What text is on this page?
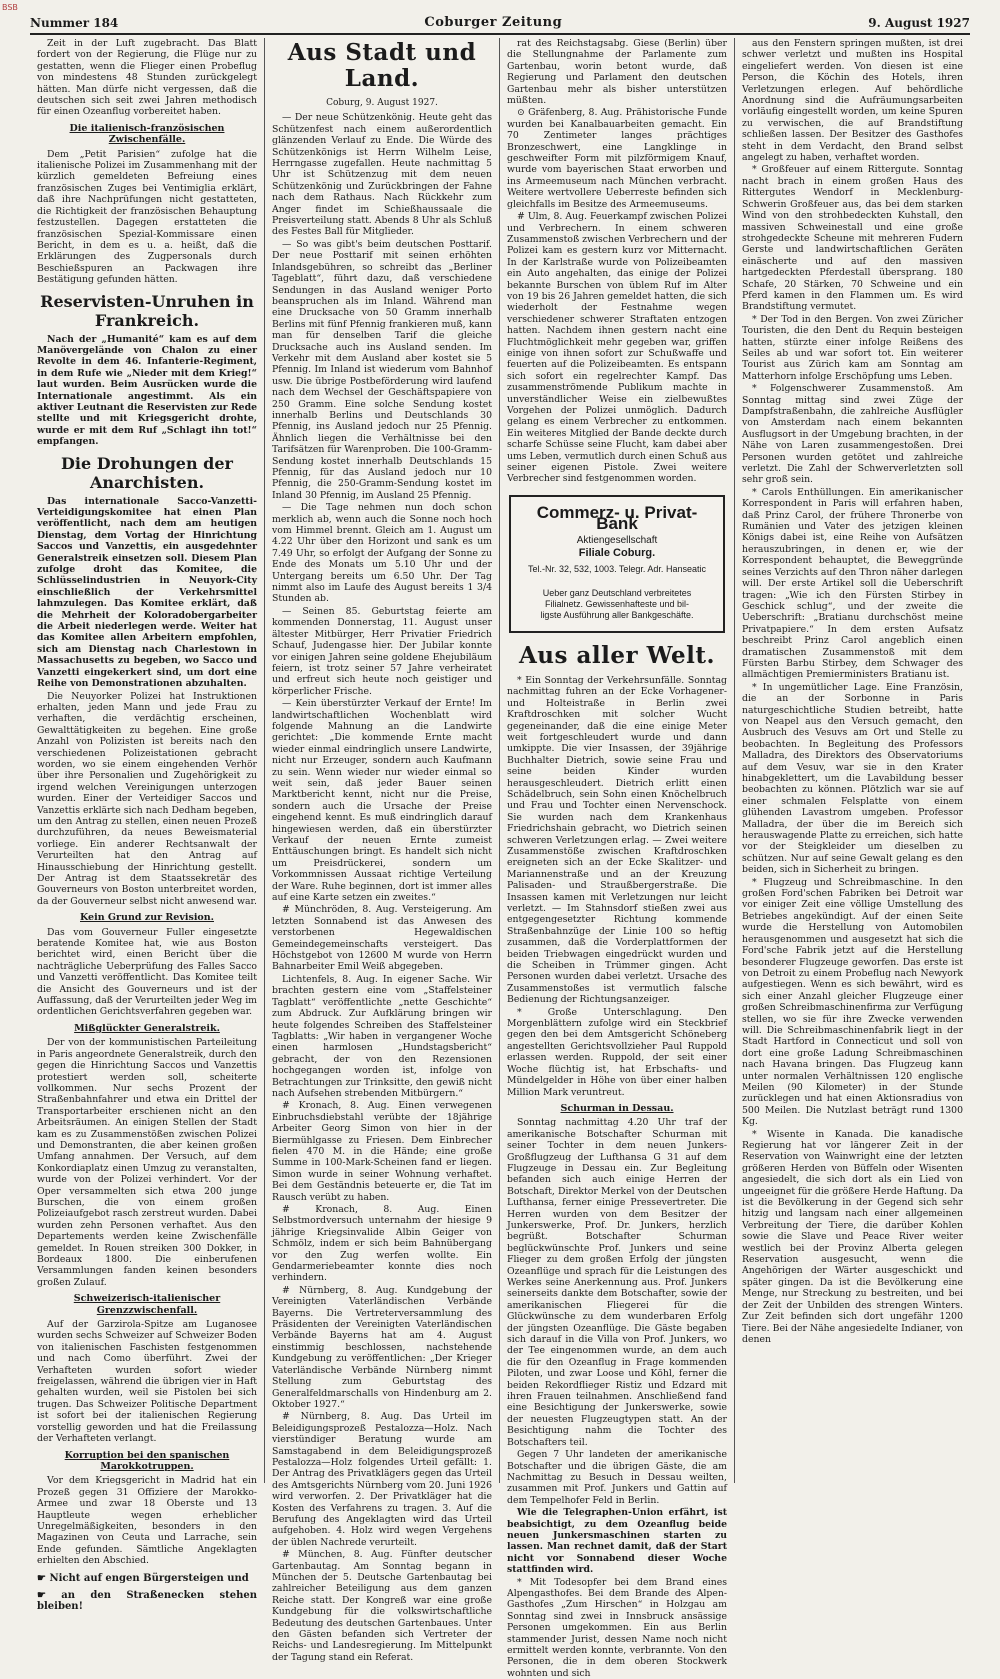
BSB
Nummer 184	Coburger Zeitung	9. August 1927

Zeit in der Luft zugebracht. Das Blatt fordert von der Regierung, die Flüge nur zu gestatten, wenn die Flieger einen Probeflug von mindestens 48 Stunden zurückgelegt hätten. Man dürfe nicht vergessen, daß die deutschen sich seit zwei Jahren methodisch für einen Ozeanflug vorbereitet haben.

Die italienisch-französischen Zwischenfälle.

Dem „Petit Parisien“ zufolge hat die italienische Polizei im Zusammenhang mit der kürzlich gemeldeten Befreiung eines französischen Zuges bei Ventimiglia erklärt, daß ihre Nachprüfungen nicht gestatteten, die Richtigkeit der französischen Behauptung festzustellen. Dagegen erstatteten die französischen Spezial-Kommissare einen Bericht, in dem es u. a. heißt, daß die Erklärungen des Zugpersonals durch Beschießspuren an Packwagen ihre Bestätigung gefunden hätten.

Reservisten-Unruhen in Frankreich.

Nach der „Humanité“ kam es auf dem Manövergelände von Chalon zu einer Revolte in dem 46. Infanterie-Regiment, in dem Rufe wie „Nieder mit dem Krieg!“ laut wurden. Beim Ausrücken wurde die Internationale angestimmt. Als ein aktiver Leutnant die Reservisten zur Rede stellte und mit Kriegsgericht drohte, wurde er mit dem Ruf „Schlagt ihn tot!“ empfangen.

Die Drohungen der Anarchisten.

Das internationale Sacco-Vanzetti-Verteidigungskomitee hat einen Plan veröffentlicht, nach dem am heutigen Dienstag, dem Vortag der Hinrichtung Saccos und Vanzettis, ein ausgedehnter Generalstreik einsetzen soll. Diesem Plan zufolge droht das Komitee, die Schlüsselindustrien in Neuyork-City einschließlich der Verkehrsmittel lahmzulegen. Das Komitee erklärt, daß die Mehrheit der Koloradobergarbeiter die Arbeit niederlegen werde. Weiter hat das Komitee allen Arbeitern empfohlen, sich am Dienstag nach Charlestown in Massachusetts zu begeben, wo Sacco und Vanzetti eingekerkert sind, um dort eine Reihe von Demonstrationen abzuhalten.

Die Neuyorker Polizei hat Instruktionen erhalten, jeden Mann und jede Frau zu verhaften, die verdächtig erscheinen, Gewalttätigkeiten zu begehen. Eine große Anzahl von Polizisten ist bereits nach den verschiedenen Polizeistationen gebracht worden, wo sie einem eingehenden Verhör über ihre Personalien und Zugehörigkeit zu irgend welchen Vereinigungen unterzogen wurden. Einer der Verteidiger Saccos und Vanzettis erklärte sich nach Dedham begeben, um den Antrag zu stellen, einen neuen Prozeß durchzuführen, da neues Beweismaterial vorliege. Ein anderer Rechtsanwalt der Verurteilten hat den Antrag auf Hinausschiebung der Hinrichtung gestellt. Der Antrag ist dem Staatssekretär des Gouverneurs von Boston unterbreitet worden, da der Gouverneur selbst nicht anwesend war.

Kein Grund zur Revision.

Das vom Gouverneur Fuller eingesetzte beratende Komitee hat, wie aus Boston berichtet wird, einen Bericht über die nachträgliche Ueberprüfung des Falles Sacco und Vanzetti veröffentlicht. Das Komitee teilt die Ansicht des Gouverneurs und ist der Auffassung, daß der Verurteilten jeder Weg im ordentlichen Gerichtsverfahren gegeben war.

Mißglückter Generalstreik.

Der von der kommunistischen Parteileitung in Paris angeordnete Generalstreik, durch den gegen die Hinrichtung Saccos und Vanzettis protestiert werden soll, scheiterte vollkommen. Nur sechs Prozent der Straßenbahnfahrer und etwa ein Drittel der Transportarbeiter erschienen nicht an den Arbeitsräumen. An einigen Stellen der Stadt kam es zu Zusammenstößen zwischen Polizei und Demonstranten, die aber keinen großen Umfang annahmen. Der Versuch, auf dem Konkordiaplatz einen Umzug zu veranstalten, wurde von der Polizei verhindert. Vor der Oper versammelten sich etwa 200 junge Burschen, die von einem großen Polizeiaufgebot rasch zerstreut wurden. Dabei wurden zehn Personen verhaftet. Aus den Departements werden keine Zwischenfälle gemeldet. In Rouen streiken 300 Dokker, in Bordeaux 1800. Die einberufenen Versammlungen fanden keinen besonders großen Zulauf.

Schweizerisch-italienischer Grenzzwischenfall.

Auf der Garzirola-Spitze am Luganosee wurden sechs Schweizer auf Schweizer Boden von italienischen Faschisten festgenommen und nach Como überführt. Zwei der Verhafteten wurden sofort wieder freigelassen, während die übrigen vier in Haft gehalten wurden, weil sie Pistolen bei sich trugen. Das Schweizer Politische Department ist sofort bei der italienischen Regierung vorstellig geworden und hat die Freilassung der Verhafteten verlangt.

Korruption bei den spanischen Marokkotruppen.

Vor dem Kriegsgericht in Madrid hat ein Prozeß gegen 31 Offiziere der Marokko-Armee und zwar 18 Oberste und 13 Hauptleute wegen erheblicher Unregelmäßigkeiten, besonders in den Magazinen von Ceuta und Larrache, sein Ende gefunden. Sämtliche Angeklagten erhielten den Abschied.

☛ Nicht auf engen Bürgersteigen und
☛ an den Straßenecken stehen bleiben!
Aus Stadt und Land.
Coburg, 9. August 1927.

— Der neue Schützenkönig. Heute geht das Schützenfest nach einem außerordentlich glänzenden Verlauf zu Ende. Die Würde des Schützenkönigs ist Herrn Wilhelm Leise, Herrngasse zugefallen. Heute nachmittag 5 Uhr ist Schützenzug mit dem neuen Schützenkönig und Zurückbringen der Fahne nach dem Rathaus. Nach Rückkehr zum Anger findet im Schießhaussaale die Preisverteilung statt. Abends 8 Uhr als Schluß des Festes Ball für Mitglieder.

— So was gibt's beim deutschen Posttarif. Der neue Posttarif mit seinen erhöhten Inlandsgebühren, so schreibt das „Berliner Tageblatt“, führt dazu, daß verschiedene Sendungen in das Ausland weniger Porto beanspruchen als im Inland. Während man eine Drucksache von 50 Gramm innerhalb Berlins mit fünf Pfennig frankieren muß, kann man für denselben Tarif die gleiche Drucksache auch ins Ausland senden. Im Verkehr mit dem Ausland aber kostet sie 5 Pfennig. Im Inland ist wiederum vom Bahnhof usw. Die übrige Postbeförderung wird laufend nach dem Wechsel der Geschäftspapiere von 250 Gramm. Eine solche Sendung kostet innerhalb Berlins und Deutschlands 30 Pfennig, ins Ausland jedoch nur 25 Pfennig. Ähnlich liegen die Verhältnisse bei den Tarifsätzen für Warenproben. Die 100-Gramm-Sendung kostet innerhalb Deutschlands 15 Pfennig, für das Ausland jedoch nur 10 Pfennig, die 250-Gramm-Sendung kostet im Inland 30 Pfennig, im Ausland 25 Pfennig.

— Die Tage nehmen nun doch schon merklich ab, wenn auch die Sonne noch hoch vom Himmel brennt. Gleich am 1. August um 4.22 Uhr über den Horizont und sank es um 7.49 Uhr, so erfolgt der Aufgang der Sonne zu Ende des Monats um 5.10 Uhr und der Untergang bereits um 6.50 Uhr. Der Tag nimmt also im Laufe des August bereits 1 3/4 Stunden ab.

— Seinen 85. Geburtstag feierte am kommenden Donnerstag, 11. August unser ältester Mitbürger, Herr Privatier Friedrich Schauf, Judengasse hier. Der Jubilar konnte vor einigen Jahren seine goldene Ehejubiläum feiern, ist trotz seiner 57 Jahre verheiratet und erfreut sich heute noch geistiger und körperlicher Frische.

— Kein überstürzter Verkauf der Ernte! Im landwirtschaftlichen Wochenblatt wird folgende Mahnung an die Landwirte gerichtet: „Die kommende Ernte macht wieder einmal eindringlich unsere Landwirte, nicht nur Erzeuger, sondern auch Kaufmann zu sein. Wenn wieder nur wieder einmal so weit sein, daß jeder Bauer seinen Marktbericht kennt, nicht nur die Preise, sondern auch die Ursache der Preise eingehend kennt. Es muß eindringlich darauf hingewiesen werden, daß ein überstürzter Verkauf der neuen Ernte zumeist Enttäuschungen bringt. Es handelt sich nicht um Preisdrückerei, sondern um Vorkommnissen Aussaat richtige Verteilung der Ware. Ruhe beginnen, dort ist immer alles auf eine Karte setzen ein zweites.“

# Münchröden, 8. Aug. Versteigerung. Am letzten Sonnabend ist das Anwesen des verstorbenen Hegewaldischen Gemeindegemeinschafts versteigert. Das Höchstgebot von 12600 M wurde von Herrn Bahnarbeiter Emil Weiß abgegeben.

Lichtenfels, 8. Aug. In eigener Sache. Wir brachten gestern eine vom „Staffelsteiner Tagblatt“ veröffentlichte „nette Geschichte“ zum Abdruck. Zur Aufklärung bringen wir heute folgendes Schreiben des Staffelsteiner Tagblatts: „Wir haben in vergangener Woche einen harmlosen „Hundstagsbericht“ gebracht, der von den Rezensionen hochgegangen worden ist, infolge von Betrachtungen zur Trinksitte, den gewiß nicht nach Aufsehen strebenden Mitbürgern.“

# Kronach, 8. Aug. Einen verwegenen Einbruchsdiebstahl verübte der 18jährige Arbeiter Georg Simon von hier in der Biermühlgasse zu Friesen. Dem Einbrecher fielen 470 M. in die Hände; eine große Summe in 100-Mark-Scheinen fand er liegen. Simon wurde in seiner Wohnung verhaftet. Bei dem Geständnis beteuerte er, die Tat im Rausch verübt zu haben.

# Kronach, 8. Aug. Einen Selbstmordversuch unternahm der hiesige 9 jährige Kriegsinvalide Albin Geiger von Schmölz, indem er sich beim Bahnübergang vor den Zug werfen wollte. Ein Gendarmeriebeamter konnte dies noch verhindern.

# Nürnberg, 8. Aug. Kundgebung der Vereinigten Vaterländischen Verbände Bayerns. Die Vertreterversammlung des Präsidenten der Vereinigten Vaterländischen Verbände Bayerns hat am 4. August einstimmig beschlossen, nachstehende Kundgebung zu veröffentlichen: „Der Krieger Vaterländische Verbände Nürnberg nimmt Stellung zum Geburtstag des Generalfeldmarschalls von Hindenburg am 2. Oktober 1927.“

# Nürnberg, 8. Aug. Das Urteil im Beleidigungsprozeß Pestalozza—Holz. Nach vierstündiger Beratung wurde am Samstagabend in dem Beleidigungsprozeß Pestalozza—Holz folgendes Urteil gefällt: 1. Der Antrag des Privatklägers gegen das Urteil des Amtsgerichts Nürnberg vom 20. Juni 1926 wird verworfen. 2. Der Privatkläger hat die Kosten des Verfahrens zu tragen. 3. Auf die Berufung des Angeklagten wird das Urteil aufgehoben. 4. Holz wird wegen Vergehens der üblen Nachrede verurteilt.

# München, 8. Aug. Fünfter deutscher Gartenbautag. Am Sonntag begann in München der 5. Deutsche Gartenbautag bei zahlreicher Beteiligung aus dem ganzen Reiche statt. Der Kongreß war eine große Kundgebung für die volkswirtschaftliche Bedeutung des deutschen Gartenbaues. Unter den Gästen befanden sich Vertreter der Reichs- und Landesregierung. Im Mittelpunkt der Tagung stand ein Referat.

rat des Reichstagsabg. Giese (Berlin) über die Stellungnahme der Parlamente zum Gartenbau, worin betont wurde, daß Regierung und Parlament den deutschen Gartenbau mehr als bisher unterstützen müßten.

⊙ Gräfenberg, 8. Aug. Prähistorische Funde wurden bei Kanalbauarbeiten gemacht. Ein 70 Zentimeter langes prächtiges Bronzeschwert, eine Langklinge in geschweifter Form mit pilzförmigem Knauf, wurde vom bayerischen Staat erworben und ins Armeemuseum nach München verbracht. Weitere wertvollere Ueberreste befinden sich gleichfalls im Besitze des Armeemuseums.

# Ulm, 8. Aug. Feuerkampf zwischen Polizei und Verbrechern. In einem schweren Zusammenstoß zwischen Verbrechern und der Polizei kam es gestern kurz vor Mitternacht. In der Karlstraße wurde von Polizeibeamten ein Auto angehalten, das einige der Polizei bekannte Burschen von üblem Ruf im Alter von 19 bis 26 Jahren gemeldet hatten, die sich wiederholt der Festnahme wegen verschiedener schwerer Straftaten entzogen hatten. Nachdem ihnen gestern nacht eine Fluchtmöglichkeit mehr gegeben war, griffen einige von ihnen sofort zur Schußwaffe und feuerten auf die Polizeibeamten. Es entspann sich sofort ein regelrechter Kampf. Das zusammenströmende Publikum machte in unverständlicher Weise ein zielbewußtes Vorgehen der Polizei unmöglich. Dadurch gelang es einem Verbrecher zu entkommen. Ein weiteres Mitglied der Bande deckte durch scharfe Schüsse seine Flucht, kam dabei aber ums Leben, vermutlich durch einen Schuß aus seiner eigenen Pistole. Zwei weitere Verbrecher sind festgenommen worden.

Commerz- u. Privat-Bank
Aktiengesellschaft
Filiale Coburg.
Tel.-Nr. 32, 532, 1003. Telegr. Adr. Hanseatic
Ueber ganz Deutschland verbreitetes
Filialnetz. Gewissenhafteste und bil-
ligste Ausführung aller Bankgeschäfte.
Aus aller Welt.

* Ein Sonntag der Verkehrsunfälle. Sonntag nachmittag fuhren an der Ecke Vorhagener- und Holteistraße in Berlin zwei Kraftdroschken mit solcher Wucht gegeneinander, daß die eine einige Meter weit fortgeschleudert wurde und dann umkippte. Die vier Insassen, der 39jährige Buchhalter Dietrich, sowie seine Frau und seine beiden Kinder wurden herausgeschleudert. Dietrich erlitt einen Schädelbruch, sein Sohn einen Knöchelbruch und Frau und Tochter einen Nervenschock. Sie wurden nach dem Krankenhaus Friedrichshain gebracht, wo Dietrich seinen schweren Verletzungen erlag. — Zwei weitere Zusammenstöße zwischen Kraftdroschken ereigneten sich an der Ecke Skalitzer- und Mariannenstraße und an der Kreuzung Palisaden- und Straußbergerstraße. Die Insassen kamen mit Verletzungen nur leicht verletzt. — Im Stahnsdorf stießen zwei aus entgegengesetzter Richtung kommende Straßenbahnzüge der Linie 100 so heftig zusammen, daß die Vorderplattformen der beiden Triebwagen eingedrückt wurden und die Scheiben in Trümmer gingen. Acht Personen wurden dabei verletzt. Ursache des Zusammenstoßes ist vermutlich falsche Bedienung der Richtungsanzeiger.

* Große Unterschlagung. Den Morgenblättern zufolge wird ein Steckbrief gegen den bei dem Amtsgericht Schöneberg angestellten Gerichtsvollzieher Paul Ruppold erlassen werden. Ruppold, der seit einer Woche flüchtig ist, hat Erbschafts- und Mündelgelder in Höhe von über einer halben Million Mark veruntreut.

Schurman in Dessau.

Sonntag nachmittag 4.20 Uhr traf der amerikanische Botschafter Schurman mit seiner Tochter in dem neuen Junkers-Großflugzeug der Lufthansa G 31 auf dem Flugzeuge in Dessau ein. Zur Begleitung befanden sich auch einige Herren der Botschaft, Direktor Merkel von der Deutschen Lufthansa, ferner einige Pressevertreter. Die Herren wurden von dem Besitzer der Junkerswerke, Prof. Dr. Junkers, herzlich begrüßt. Botschafter Schurman beglückwünschte Prof. Junkers und seine Flieger zu dem großen Erfolg der jüngsten Ozeanflüge und sprach für die Leistungen des Werkes seine Anerkennung aus. Prof. Junkers seinerseits dankte dem Botschafter, sowie der amerikanischen Fliegerei für die Glückwünsche zu dem wunderbaren Erfolg der jüngsten Ozeanflüge. Die Gäste begaben sich darauf in die Villa von Prof. Junkers, wo der Tee eingenommen wurde, an dem auch die für den Ozeanflug in Frage kommenden Piloten, und zwar Loose und Köhl, ferner die beiden Rekordflieger Ristiz und Edzard mit ihren Frauen teilnahmen. Anschließend fand eine Besichtigung der Junkerswerke, sowie der neuesten Flugzeugtypen statt. An der Besichtigung nahm die Tochter des Botschafters teil.

Gegen 7 Uhr landeten der amerikanische Botschafter und die übrigen Gäste, die am Nachmittag zu Besuch in Dessau weilten, zusammen mit Prof. Junkers und Gattin auf dem Tempelhofer Feld in Berlin.

Wie die Telegraphen-Union erfährt, ist beabsichtigt, zu dem Ozeanflug beide neuen Junkersmaschinen starten zu lassen. Man rechnet damit, daß der Start nicht vor Sonnabend dieser Woche stattfinden wird.

* Mit Todesopfer bei dem Brand eines Alpengasthofes. Bei dem Brande des Alpen-Gasthofes „Zum Hirschen“ in Holzgau am Sonntag sind zwei in Innsbruck ansässige Personen umgekommen. Ein aus Berlin stammender Jurist, dessen Name noch nicht ermittelt werden konnte, verbrannte. Von den Personen, die in dem oberen Stockwerk wohnten und sich

aus den Fenstern springen mußten, ist drei schwer verletzt und mußten ins Hospital eingeliefert werden. Von diesen ist eine Person, die Köchin des Hotels, ihren Verletzungen erlegen. Auf behördliche Anordnung sind die Aufräumungsarbeiten vorläufig eingestellt worden, um keine Spuren zu verwischen, die auf Brandstiftung schließen lassen. Der Besitzer des Gasthofes steht in dem Verdacht, den Brand selbst angelegt zu haben, verhaftet worden.

* Großfeuer auf einem Rittergute. Sonntag nacht brach in einem großen Haus des Rittergutes Wendorf in Mecklenburg-Schwerin Großfeuer aus, das bei dem starken Wind von den strohbedeckten Kuhstall, den massiven Schweinestall und eine große strohgedeckte Scheune mit mehreren Fudern Gerste und landwirtschaftlichen Geräten einäscherte und auf den massiven hartgedeckten Pferdestall übersprang. 180 Schafe, 20 Stärken, 70 Schweine und ein Pferd kamen in den Flammen um. Es wird Brandstiftung vermutet.

* Der Tod in den Bergen. Von zwei Züricher Touristen, die den Dent du Requin besteigen hatten, stürzte einer infolge Reißens des Seiles ab und war sofort tot. Ein weiterer Tourist aus Zürich kam am Sonntag am Matterhorn infolge Erschöpfung ums Leben.

* Folgenschwerer Zusammenstoß. Am Sonntag mittag sind zwei Züge der Dampfstraßenbahn, die zahlreiche Ausflügler von Amsterdam nach einem bekannten Ausflugsort in der Umgebung brachten, in der Nähe von Laren zusammengestoßen. Drei Personen wurden getötet und zahlreiche verletzt. Die Zahl der Schwerverletzten soll sehr groß sein.

* Carols Enthüllungen. Ein amerikanischer Korrespondent in Paris will erfahren haben, daß Prinz Carol, der frühere Thronerbe von Rumänien und Vater des jetzigen kleinen Königs dabei ist, eine Reihe von Aufsätzen herauszubringen, in denen er, wie der Korrespondent behauptet, die Beweggründe seines Verzichts auf den Thron näher darlegen will. Der erste Artikel soll die Ueberschrift tragen: „Wie ich den Fürsten Stirbey in Geschick schlug“, und der zweite die Ueberschrift: „Bratianu durchschöst meine Privatpapiere.“ In dem ersten Aufsatz beschreibt Prinz Carol angeblich einen dramatischen Zusammenstoß mit dem Fürsten Barbu Stirbey, dem Schwager des allmächtigen Premierministers Bratianu ist.

* In ungemütlicher Lage. Eine Französin, die an der Sorbonne in Paris naturgeschichtliche Studien betreibt, hatte von Neapel aus den Versuch gemacht, den Ausbruch des Vesuvs am Ort und Stelle zu beobachten. In Begleitung des Professors Malladra, des Direktors des Observatoriums auf dem Vesuv, war sie in den Krater hinabgeklettert, um die Lavabildung besser beobachten zu können. Plötzlich war sie auf einer schmalen Felsplatte von einem glühenden Lavastrom umgeben. Professor Malladra, der über die im Bereich sich herauswagende Platte zu erreichen, sich hatte vor der Steigkleider um dieselben zu schützen. Nur auf seine Gewalt gelang es den beiden, sich in Sicherheit zu bringen.

* Flugzeug und Schreibmaschine. In den großen Ford'schen Fabriken bei Detroit war vor einiger Zeit eine völlige Umstellung des Betriebes angekündigt. Auf der einen Seite wurde die Herstellung von Automobilen herausgenommen und ausgesetzt hat sich die Ford'sche Fabrik jetzt auf die Herstellung besonderer Flugzeuge geworfen. Das erste ist von Detroit zu einem Probeflug nach Newyork aufgestiegen. Wenn es sich bewährt, wird es sich einer Anzahl gleicher Flugzeuge einer großen Schreibmaschinenfirma zur Verfügung stellen, wo sie für ihre Zwecke verwenden will. Die Schreibmaschinenfabrik liegt in der Stadt Hartford in Connecticut und soll von dort eine große Ladung Schreibmaschinen nach Havana bringen. Das Flugzeug kann unter normalen Verhältnissen 120 englische Meilen (90 Kilometer) in der Stunde zurücklegen und hat einen Aktionsradius von 500 Meilen. Die Nutzlast beträgt rund 1300 Kg.

* Wisente in Kanada. Die kanadische Regierung hat vor längerer Zeit in der Reservation von Wainwright eine der letzten größeren Herden von Büffeln oder Wisenten angesiedelt, die sich dort als ein Lied von ungeeignet für die größere Herde Haftung. Da ist die Bevölkerung in der Gegend sich sehr hitzig und langsam nach einer allgemeinen Verbreitung der Tiere, die darüber Kohlen sowie die Slave und Peace River weiter westlich bei der Provinz Alberta gelegen Reservation ausgesucht, wenn die Angehörigen der Wärter ausgeschickt und später gingen. Da ist die Bevölkerung eine Menge, nur Streckung zu bestreiten, und bei der Zeit der Unbilden des strengen Winters. Zur Zeit befinden sich dort ungefähr 1200 Tiere. Bei der Nähe angesiedelte Indianer, von denen
